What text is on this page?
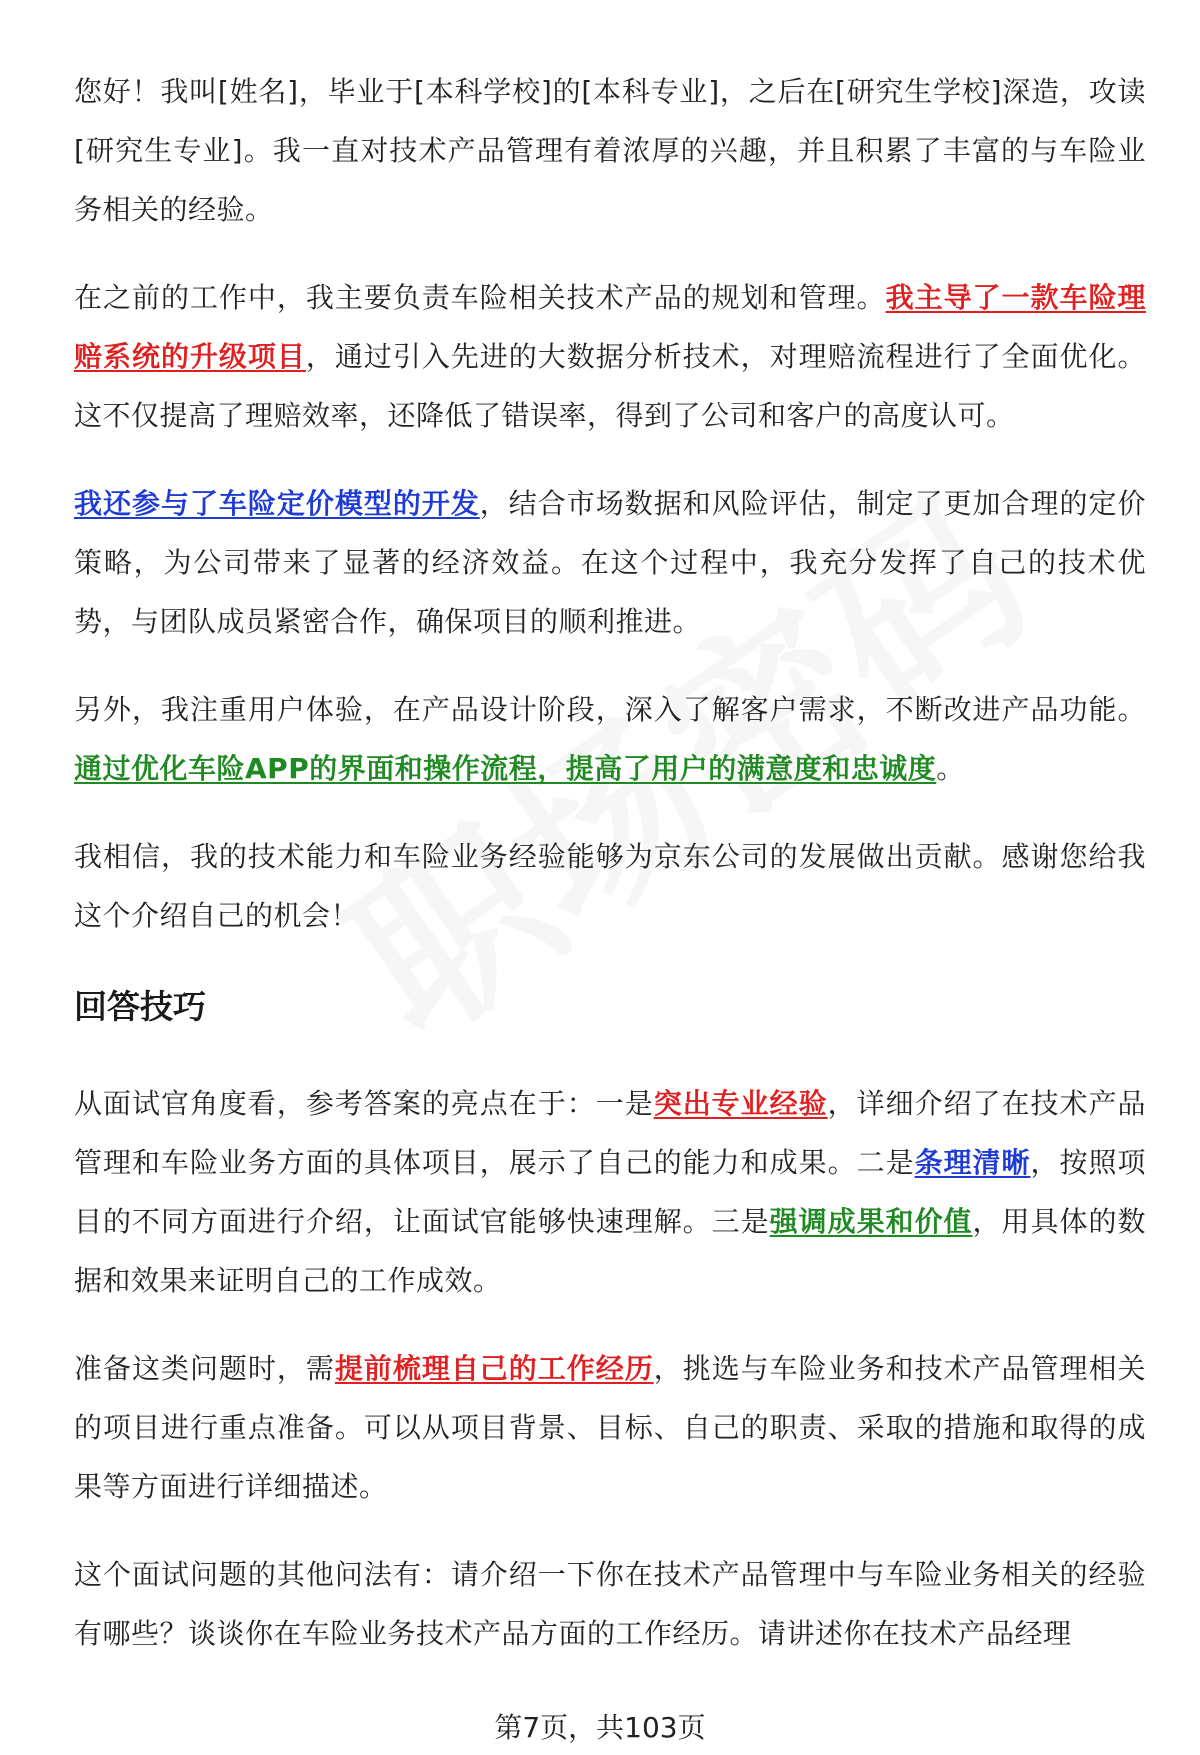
您好！我叫[姓名]，毕业于[本科学校]的[本科专业]，之后在[研究生学校]深造，攻读[研究生专业]。我一直对技术产品管理有着浓厚的兴趣，并且积累了丰富的与车险业务相关的经验。

在之前的工作中，我主要负责车险相关技术产品的规划和管理。我主导了一款车险理赔系统的升级项目，通过引入先进的大数据分析技术，对理赔流程进行了全面优化。这不仅提高了理赔效率，还降低了错误率，得到了公司和客户的高度认可。

我还参与了车险定价模型的开发，结合市场数据和风险评估，制定了更加合理的定价策略，为公司带来了显著的经济效益。在这个过程中，我充分发挥了自己的技术优势，与团队成员紧密合作，确保项目的顺利推进。

另外，我注重用户体验，在产品设计阶段，深入了解客户需求，不断改进产品功能。通过优化车险APP的界面和操作流程，提高了用户的满意度和忠诚度。

我相信，我的技术能力和车险业务经验能够为京东公司的发展做出贡献。感谢您给我这个介绍自己的机会！

回答技巧

从面试官角度看，参考答案的亮点在于：一是突出专业经验，详细介绍了在技术产品管理和车险业务方面的具体项目，展示了自己的能力和成果。二是条理清晰，按照项目的不同方面进行介绍，让面试官能够快速理解。三是强调成果和价值，用具体的数据和效果来证明自己的工作成效。

准备这类问题时，需提前梳理自己的工作经历，挑选与车险业务和技术产品管理相关的项目进行重点准备。可以从项目背景、目标、自己的职责、采取的措施和取得的成果等方面进行详细描述。

这个面试问题的其他问法有：请介绍一下你在技术产品管理中与车险业务相关的经验有哪些？谈谈你在车险业务技术产品方面的工作经历。请讲述你在技术产品经理

第7页，共103页
